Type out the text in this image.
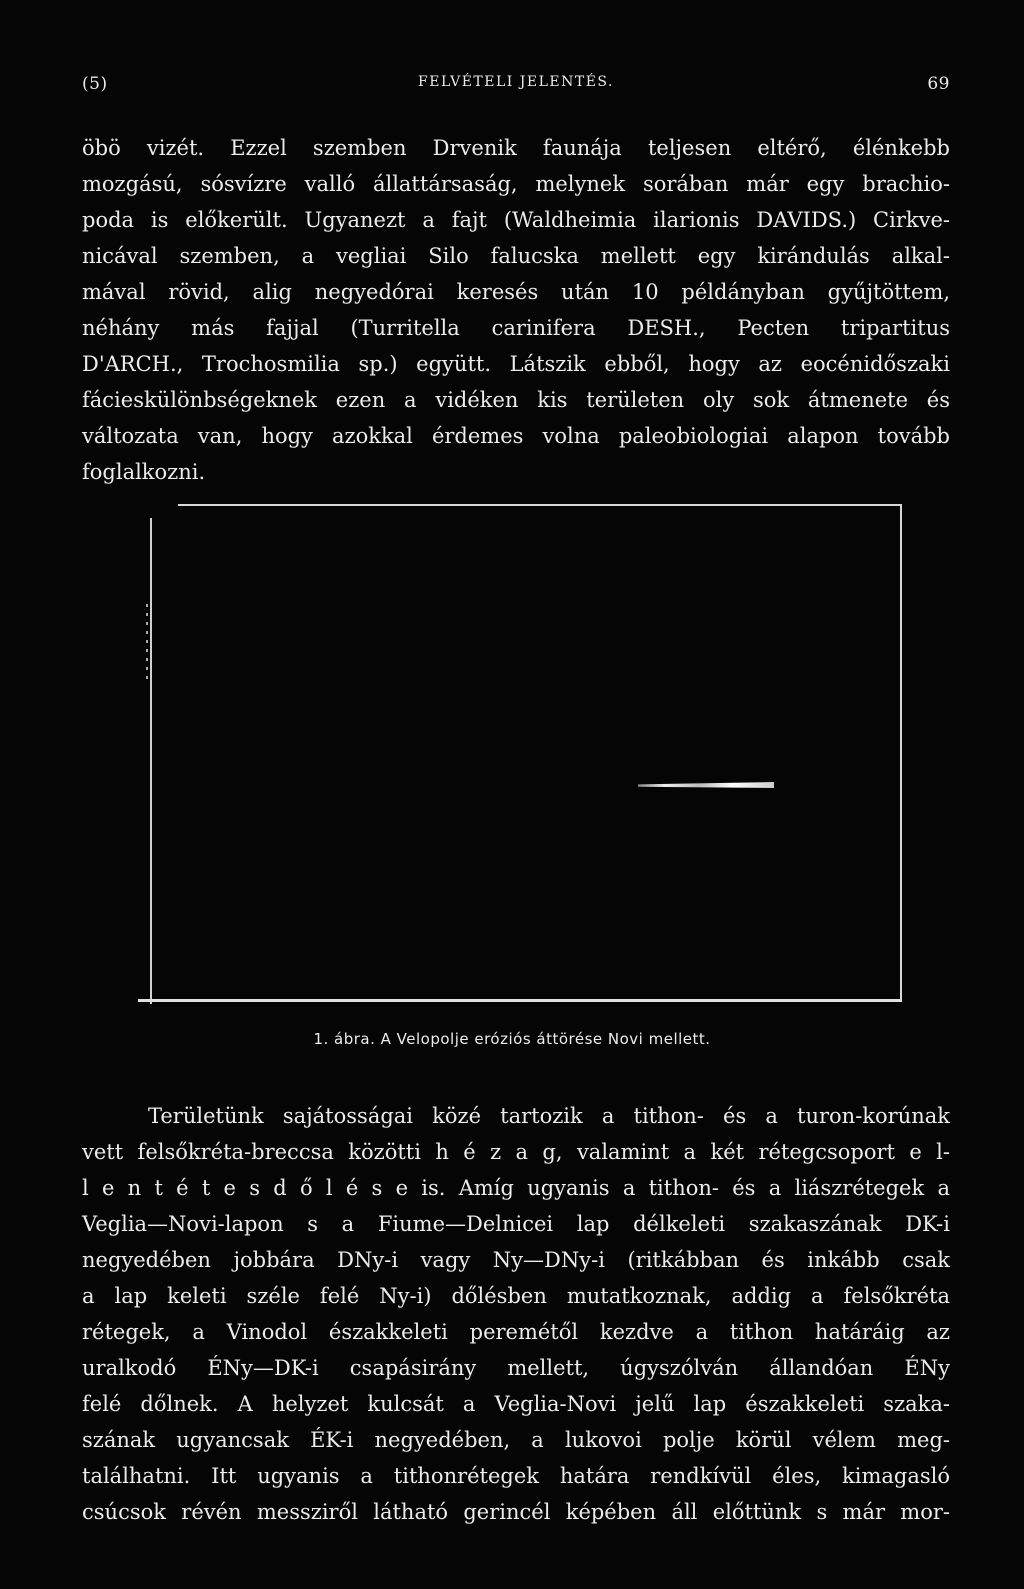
(5)	FELVÉTELI JELENTÉS.	69
öbö vizét. Ezzel szemben Drvenik faunája teljesen eltérő, élénkebb
mozgású, sósvízre valló állattársaság, melynek sorában már egy brachio-
poda is előkerült. Ugyanezt a fajt (Waldheimia ilarionis DAVIDS.) Cirkve-
nicával szemben, a vegliai Silo falucska mellett egy kirándulás alkal-
mával rövid, alig negyedórai keresés után 10 példányban gyűjtöttem,
néhány más fajjal (Turritella carinifera DESH., Pecten tripartitus
D'ARCH., Trochosmilia sp.) együtt. Látszik ebből, hogy az eocénidőszaki
fácieskülönbségeknek ezen a vidéken kis területen oly sok átmenete és
változata van, hogy azokkal érdemes volna paleobiologiai alapon tovább
foglalkozni.
1. ábra. A Velopolje eróziós áttörése Novi mellett.
Területünk sajátosságai közé tartozik a tithon- és a turon-korúnak
vett felsőkréta-breccsa közötti h é z a g, valamint a két rétegcsoport e l-
l e n t é t e s d ő l é s e is. Amíg ugyanis a tithon- és a liászrétegek a
Veglia—Novi-lapon s a Fiume—Delnicei lap délkeleti szakaszának DK-i
negyedében jobbára DNy-i vagy Ny—DNy-i (ritkábban és inkább csak
a lap keleti széle felé Ny-i) dőlésben mutatkoznak, addig a felsőkréta
rétegek, a Vinodol északkeleti peremétől kezdve a tithon határáig az
uralkodó ÉNy—DK-i csapásirány mellett, úgyszólván állandóan ÉNy
felé dőlnek. A helyzet kulcsát a Veglia-Novi jelű lap északkeleti szaka-
szának ugyancsak ÉK-i negyedében, a lukovoi polje körül vélem meg-
találhatni. Itt ugyanis a tithonrétegek határa rendkívül éles, kimagasló
csúcsok révén messziről látható gerincél képében áll előttünk s már mor-
